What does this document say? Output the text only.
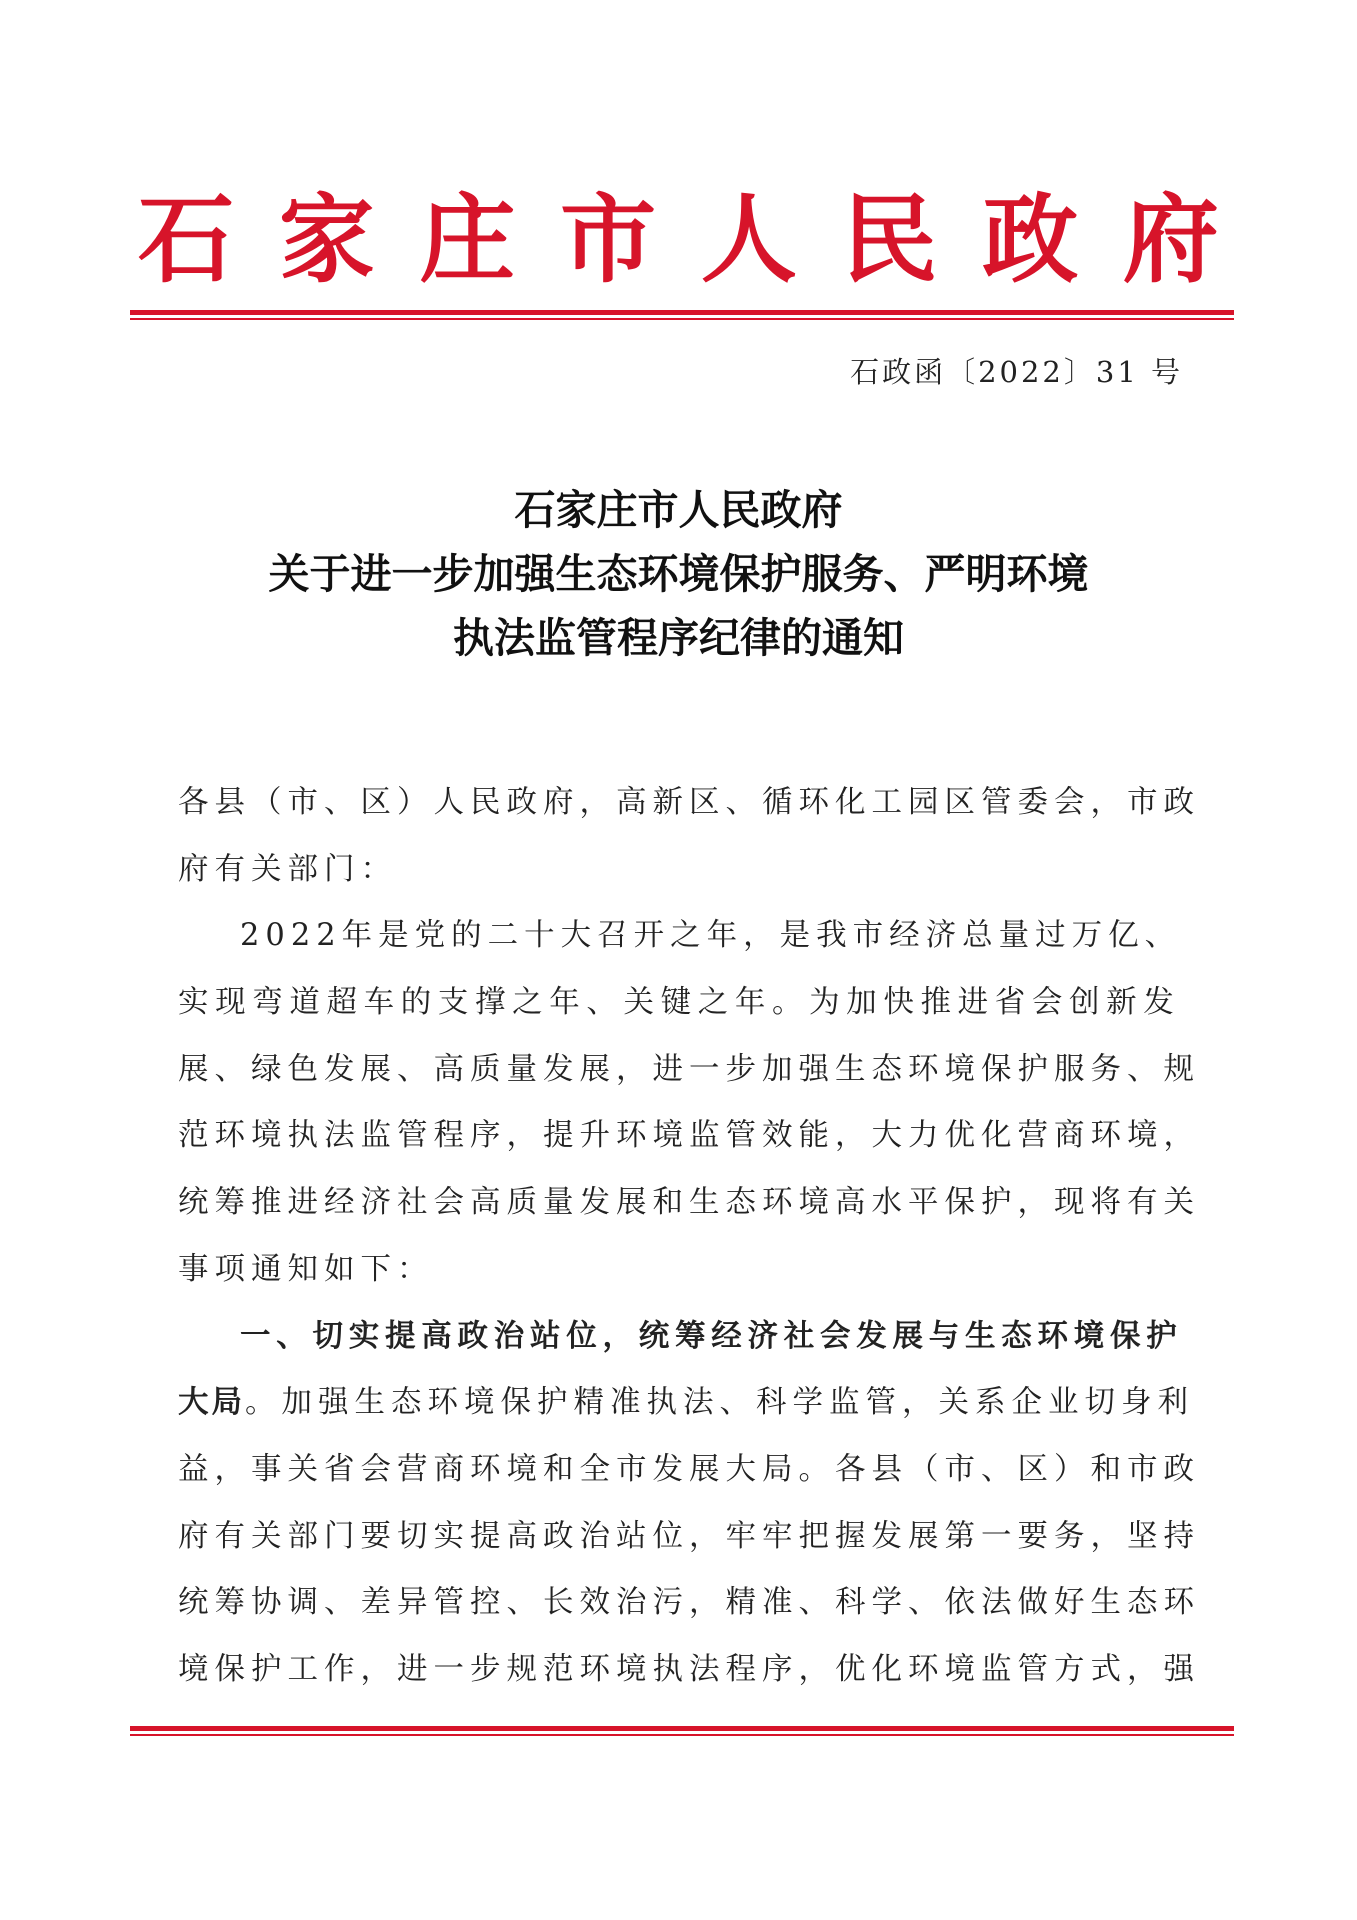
石 家 庄 市 人 民 政 府
石政函〔2022〕31 号
石家庄市人民政府
关于进一步加强生态环境保护服务、严明环境
执法监管程序纪律的通知
各 县 （ 市 、 区 ） 人 民 政 府 ， 高 新 区 、 循 环 化 工 园 区 管 委 会 ， 市 政
府有关部门：
2 0 2 2 年 是 党 的 二 十 大 召 开 之 年 ， 是 我 市 经 济 总 量 过 万 亿 、
实 现 弯 道 超 车 的 支 撑 之 年 、 关 键 之 年 。 为 加 快 推 进 省 会 创 新 发
展 、 绿 色 发 展 、 高 质 量 发 展 ， 进 一 步 加 强 生 态 环 境 保 护 服 务 、 规
范 环 境 执 法 监 管 程 序 ， 提 升 环 境 监 管 效 能 ， 大 力 优 化 营 商 环 境 ，
统 筹 推 进 经 济 社 会 高 质 量 发 展 和 生 态 环 境 高 水 平 保 护 ， 现 将 有 关
事项通知如下：
一 、 切 实 提 高 政 治 站 位 ， 统 筹 经 济 社 会 发 展 与 生 态 环 境 保 护
大局 。加强生态环境保护精准执法、科学监管，关系企业切身利
益 ， 事 关 省 会 营 商 环 境 和 全 市 发 展 大 局 。 各 县 （ 市 、 区 ） 和 市 政
府 有 关 部 门 要 切 实 提 高 政 治 站 位 ， 牢 牢 把 握 发 展 第 一 要 务 ， 坚 持
统 筹 协 调 、 差 异 管 控 、 长 效 治 污 ， 精 准 、 科 学 、 依 法 做 好 生 态 环
境 保 护 工 作 ， 进 一 步 规 范 环 境 执 法 程 序 ， 优 化 环 境 监 管 方 式 ， 强
